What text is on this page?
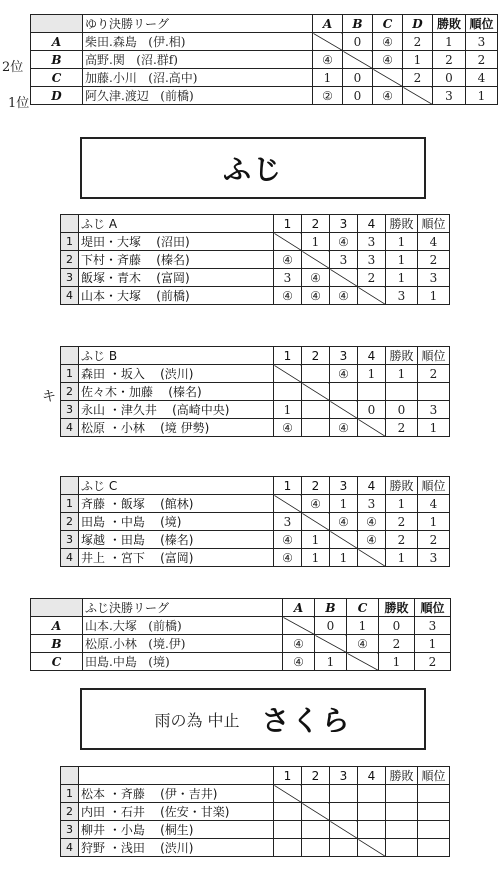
	ゆり決勝リーグ	A	B	C	D	勝敗	順位
A	柴田.森島 (伊.相)		0	④	2	1	3
B	高野.関 (沼.群f)	④		④	1	2	2
C	加藤.小川 (沼.高中)	1	0		2	0	4
D	阿久津.渡辺 (前橋)	②	0	④		3	1
2位
1位
ふじ
	ふじ A	1	2	3	4	勝敗	順位
1	堤田・大塚 (沼田)		1	④	3	1	4
2	下村・斉藤 (榛名)	④		3	3	1	2
3	飯塚・青木 (富岡)	3	④		2	1	3
4	山本・大塚 (前橋)	④	④	④		3	1
	ふじ B	1	2	3	4	勝敗	順位
1	森田 ・坂入 (渋川)			④	1	1	2
2	佐々木・加藤 (榛名)						
3	永山 ・津久井 (高崎中央)	1			0	0	3
4	松原 ・小林 (境 伊勢)	④		④		2	1
キ
	ふじ C	1	2	3	4	勝敗	順位
1	斉藤 ・飯塚 (館林)		④	1	3	1	4
2	田島 ・中島 (境)	3		④	④	2	1
3	塚越 ・田島 (榛名)	④	1		④	2	2
4	井上 ・宮下 (富岡)	④	1	1		1	3
	ふじ決勝リーグ	A	B	C	勝敗	順位
A	山本.大塚 (前橋)		0	1	0	3
B	松原.小林 (境.伊)	④		④	2	1
C	田島.中島 (境)	④	1		1	2
雨の為 中止 さくら
		1	2	3	4	勝敗	順位
1	松本 ・斉藤 (伊・吉井)						
2	内田 ・石井 (佐安・甘楽)						
3	柳井 ・小島 (桐生)						
4	狩野 ・浅田 (渋川)						
